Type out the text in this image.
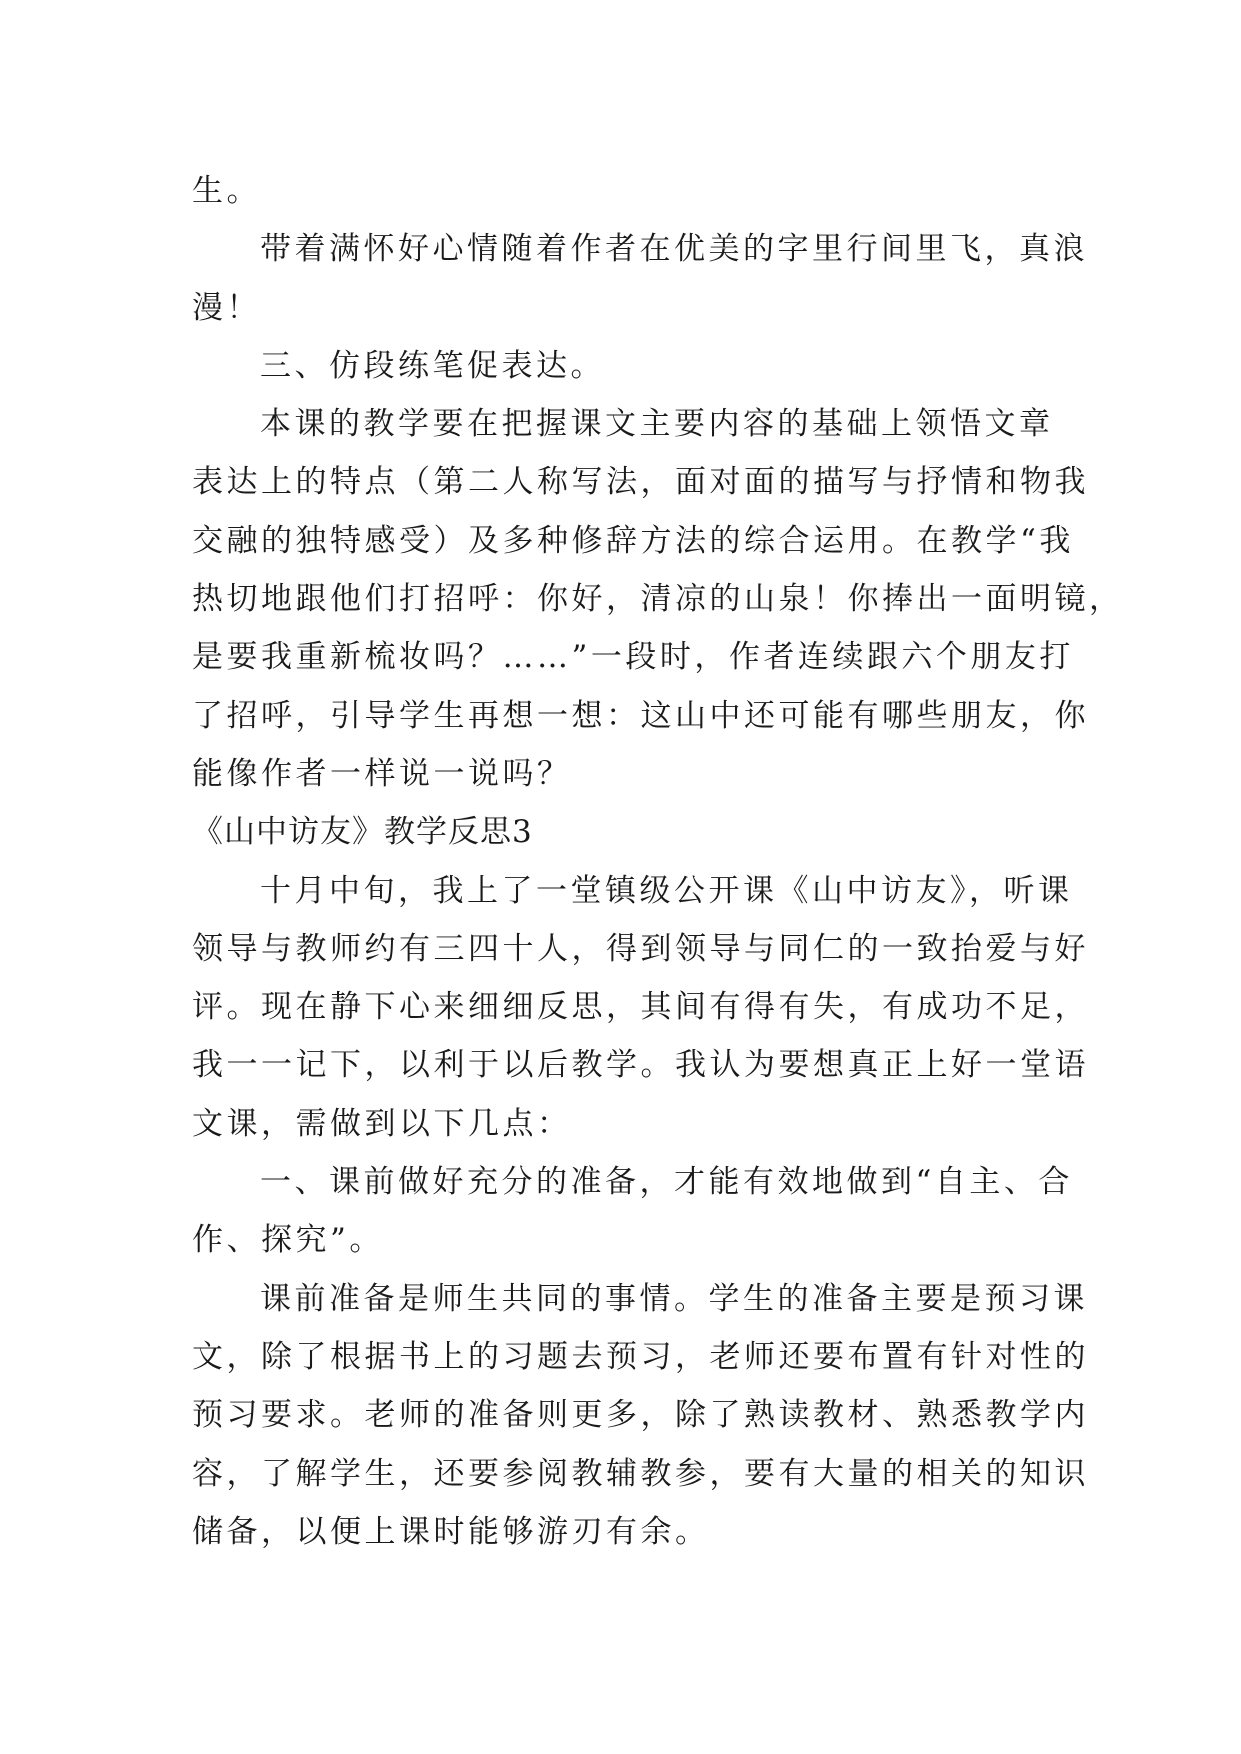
生。
带着满怀好心情随着作者在优美的字里行间里飞，真浪
漫！
三、仿段练笔促表达。
本课的教学要在把握课文主要内容的基础上领悟文章
表达上的特点（第二人称写法，面对面的描写与抒情和物我
交融的独特感受）及多种修辞方法的综合运用。在教学“我
热切地跟他们打招呼：你好，清凉的山泉！你捧出一面明镜，
是要我重新梳妆吗？……”一段时，作者连续跟六个朋友打
了招呼，引导学生再想一想：这山中还可能有哪些朋友，你
能像作者一样说一说吗？
《山中访友》教学反思3
十月中旬，我上了一堂镇级公开课《山中访友》，听课
领导与教师约有三四十人，得到领导与同仁的一致抬爱与好
评。现在静下心来细细反思，其间有得有失，有成功不足，
我一一记下，以利于以后教学。我认为要想真正上好一堂语
文课，需做到以下几点：
一、课前做好充分的准备，才能有效地做到“自主、合
作、探究”。
课前准备是师生共同的事情。学生的准备主要是预习课
文，除了根据书上的习题去预习，老师还要布置有针对性的
预习要求。老师的准备则更多，除了熟读教材、熟悉教学内
容，了解学生，还要参阅教辅教参，要有大量的相关的知识
储备，以便上课时能够游刃有余。
